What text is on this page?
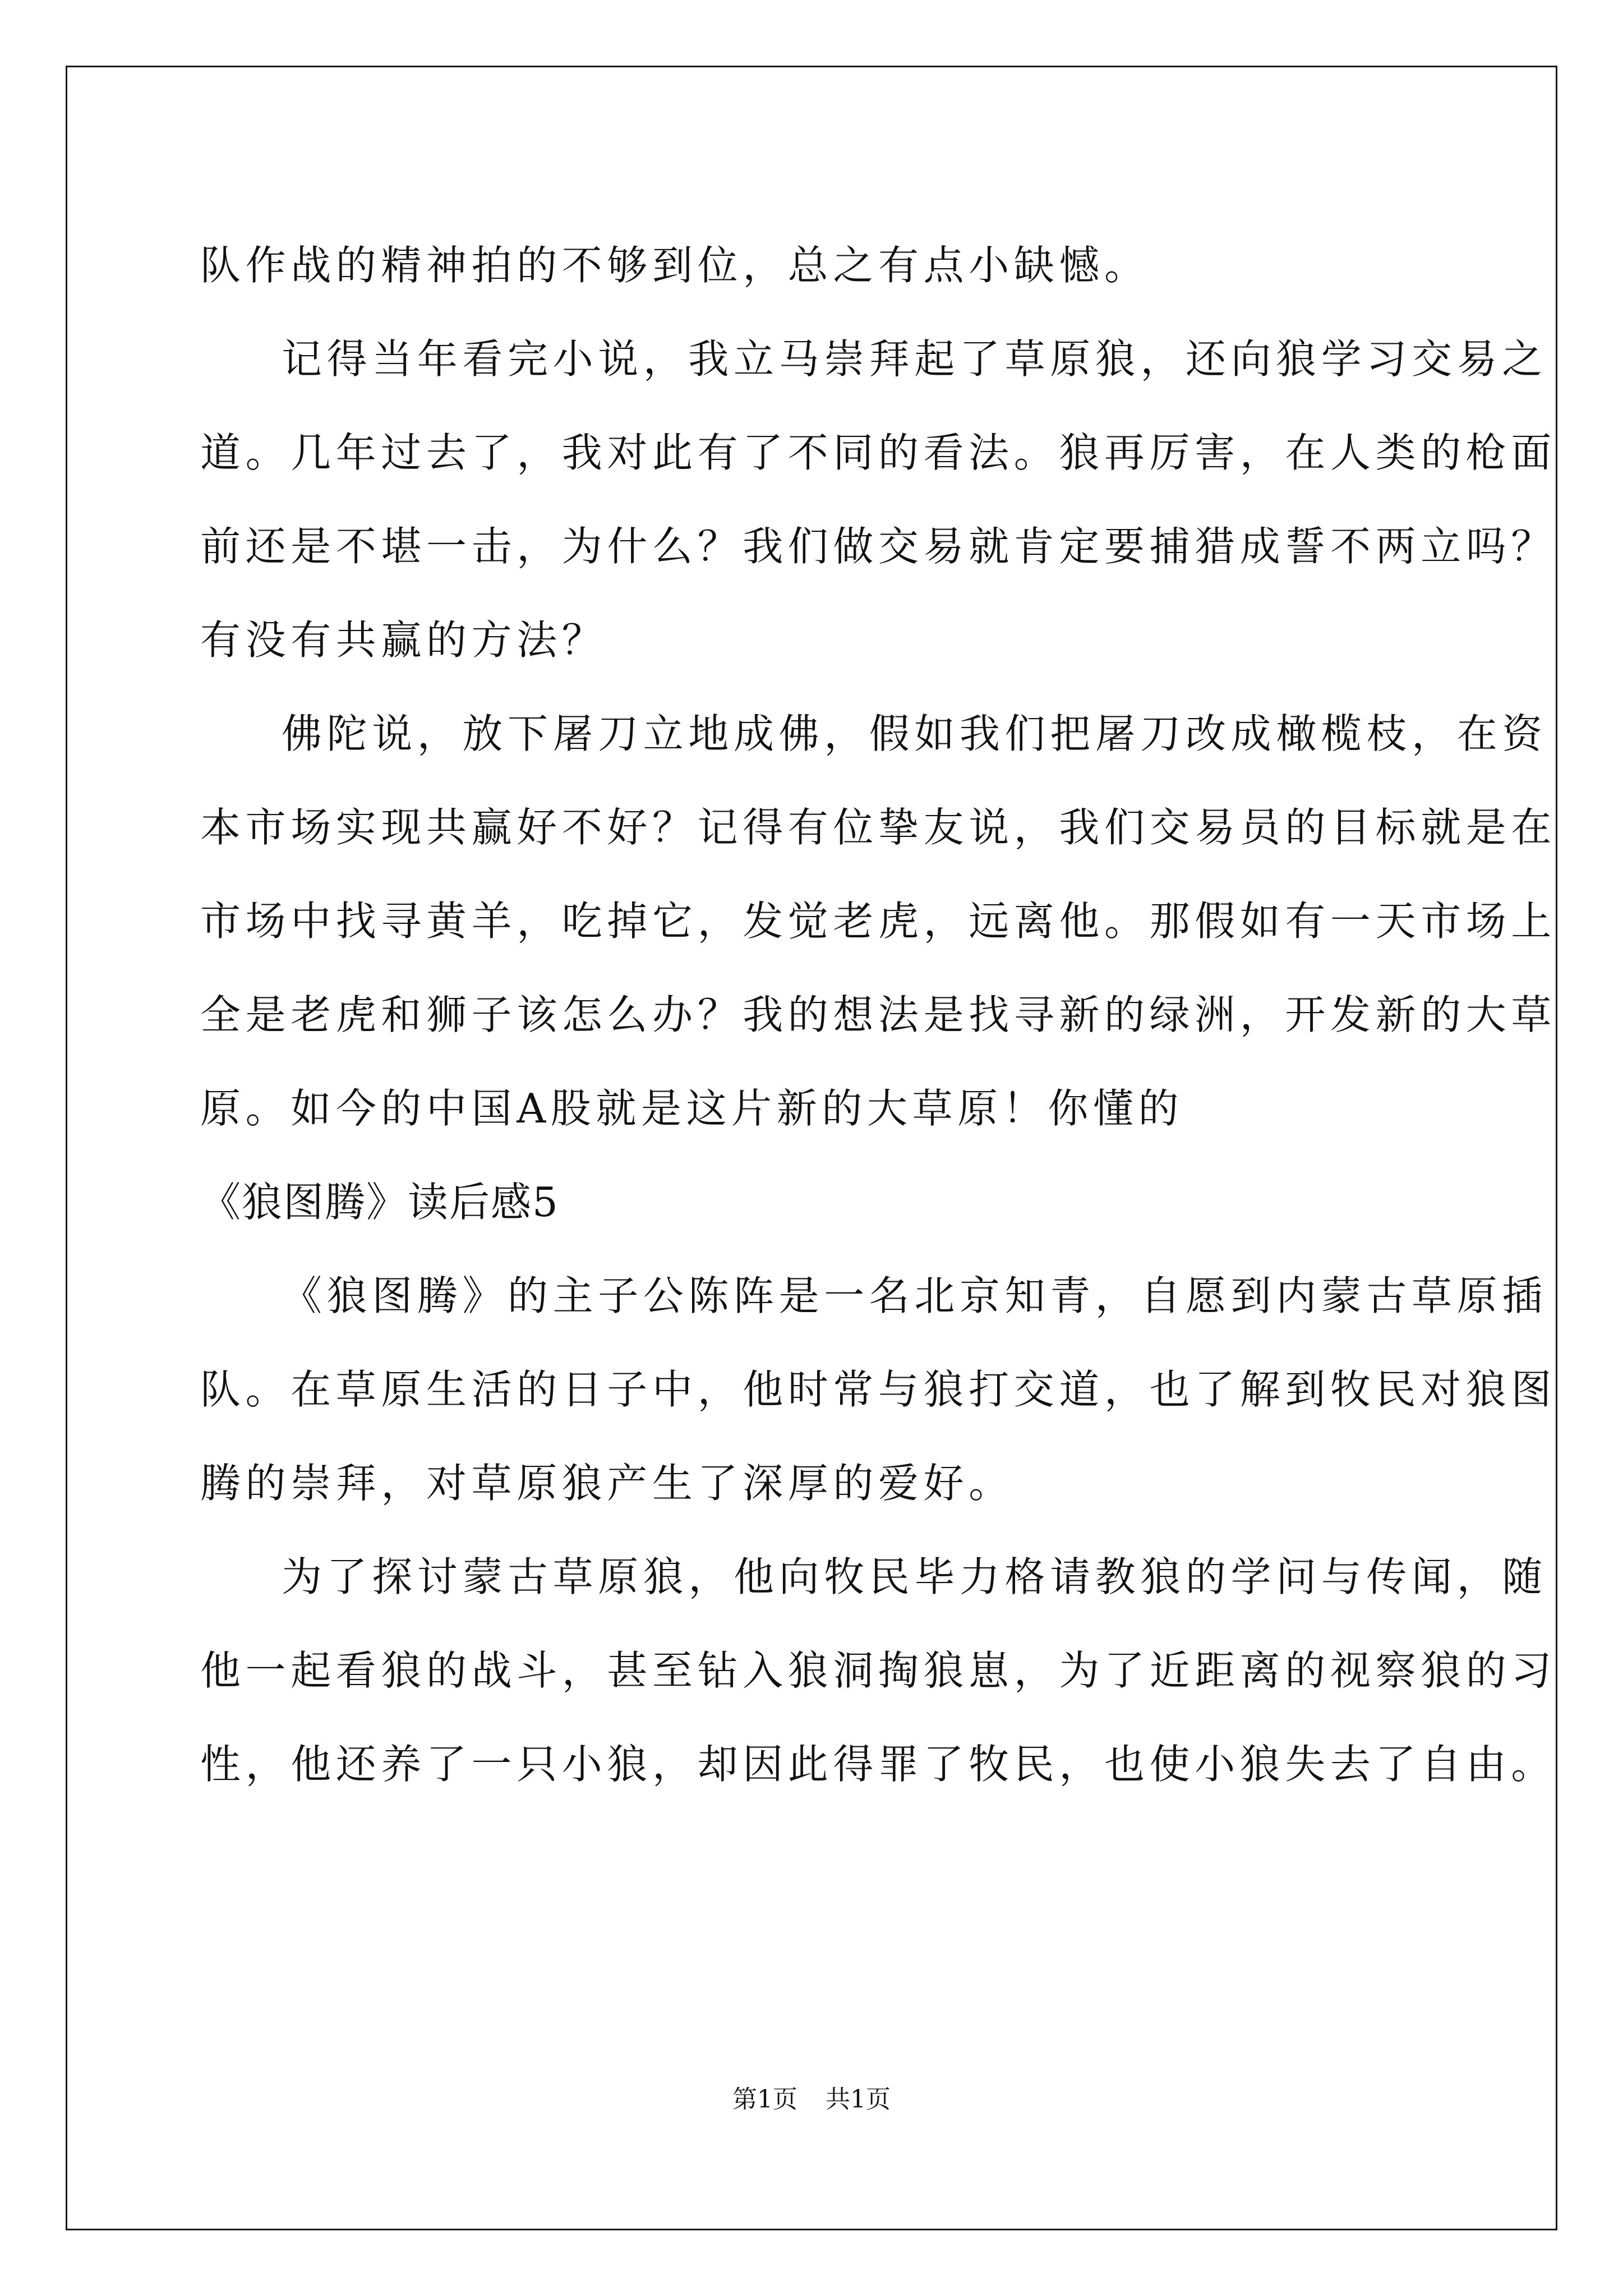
队作战的精神拍的不够到位，总之有点小缺憾。
记得当年看完小说，我立马崇拜起了草原狼，还向狼学习交易之
道。几年过去了，我对此有了不同的看法。狼再厉害，在人类的枪面
前还是不堪一击，为什么？我们做交易就肯定要捕猎成誓不两立吗？
有没有共赢的方法？
佛陀说，放下屠刀立地成佛，假如我们把屠刀改成橄榄枝，在资
本市场实现共赢好不好？记得有位挚友说，我们交易员的目标就是在
市场中找寻黄羊，吃掉它，发觉老虎，远离他。那假如有一天市场上
全是老虎和狮子该怎么办？我的想法是找寻新的绿洲，开发新的大草
原。如今的中国A股就是这片新的大草原！你懂的
《狼图腾》读后感5
《狼图腾》的主子公陈阵是一名北京知青，自愿到内蒙古草原插
队。在草原生活的日子中，他时常与狼打交道，也了解到牧民对狼图
腾的崇拜，对草原狼产生了深厚的爱好。
为了探讨蒙古草原狼，他向牧民毕力格请教狼的学问与传闻，随
他一起看狼的战斗，甚至钻入狼洞掏狼崽，为了近距离的视察狼的习
性，他还养了一只小狼，却因此得罪了牧民，也使小狼失去了自由。
第1页 共1页
